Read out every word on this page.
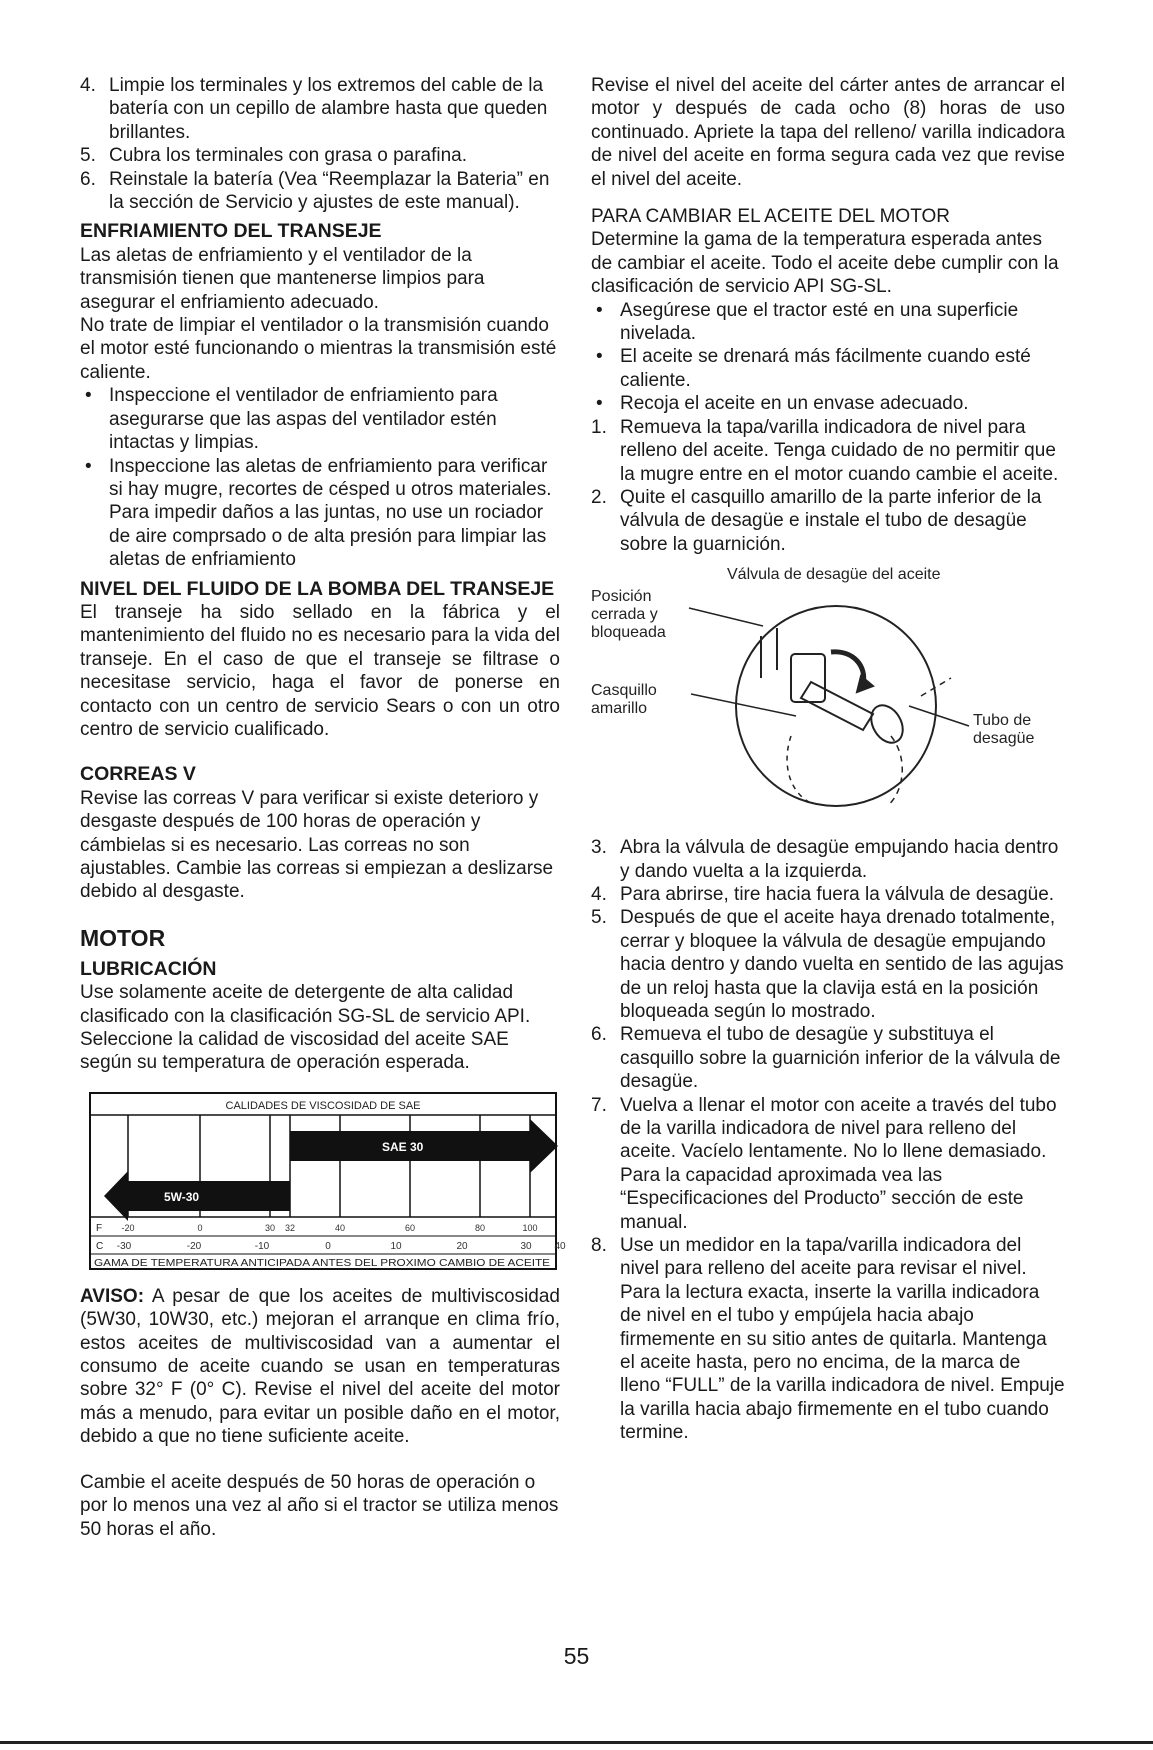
4. Limpie los terminales y los extremos del cable de la batería con un cepillo de alambre hasta que queden brillantes.
5. Cubra los terminales con grasa o parafina.
6. Reinstale la batería (Vea “Reemplazar la Bateria” en la sección de Servicio y ajustes de este manual).

ENFRIAMIENTO DEL TRANSEJE

Las aletas de enfriamiento y el ventilador de la transmisión tienen que mantenerse limpios para asegurar el enfriamiento adecuado.

No trate de limpiar el ventilador o la transmisión cuando el motor esté funcionando o mientras la transmisión esté caliente.

• Inspeccione el ventilador de enfriamiento para asegurarse que las aspas del ventilador estén intactas y limpias.
• Inspeccione las aletas de enfriamiento para verificar si hay mugre, recortes de césped u otros materiales. Para impedir daños a las juntas, no use un rociador de aire comprsado o de alta presión para limpiar las aletas de enfriamiento

NIVEL DEL FLUIDO DE LA BOMBA DEL TRANSEJE

El transeje ha sido sellado en la fábrica y el mantenimiento del fluido no es necesario para la vida del transeje. En el caso de que el transeje se filtrase o necesitase servicio, haga el favor de ponerse en contacto con un centro de servicio Sears o con un otro centro de servicio cualificado.

CORREAS V

Revise las correas V para verificar si existe deterioro y desgaste después de 100 horas de operación y cámbielas si es necesario. Las correas no son ajustables. Cambie las correas si empiezan a deslizarse debido al desgaste.

MOTOR

LUBRICACIÓN

Use solamente aceite de detergente de alta calidad clasificado con la clasificación SG-SL de servicio API. Seleccione la calidad de viscosidad del aceite SAE según su temperatura de operación esperada.

CALIDADES DE VISCOSIDAD DE SAE
SAE 30
5W-30
F -20	0	30 32	40	60	80	100
C -30	-20	-10	0	10	20	30 40
GAMA DE TEMPERATURA ANTICIPADA ANTES DEL PROXIMO CAMBIO DE ACEITE

AVISO: A pesar de que los aceites de multiviscosidad (5W30, 10W30, etc.) mejoran el arranque en clima frío, estos aceites de multiviscosidad van a aumentar el consumo de aceite cuando se usan en temperaturas sobre 32° F (0° C). Revise el nivel del aceite del motor más a menudo, para evitar un posible daño en el motor, debido a que no tiene suficiente aceite.

Cambie el aceite después de 50 horas de operación o por lo menos una vez al año si el tractor se utiliza menos 50 horas el año.

Revise el nivel del aceite del cárter antes de arrancar el motor y después de cada ocho (8) horas de uso continuado. Apriete la tapa del relleno/ varilla indicadora de nivel del aceite en forma segura cada vez que revise el nivel del aceite.

PARA CAMBIAR EL ACEITE DEL MOTOR

Determine la gama de la temperatura esperada antes de cambiar el aceite. Todo el aceite debe cumplir con la clasificación de servicio API SG-SL.

• Asegúrese que el tractor esté en una superficie nivelada.
• El aceite se drenará más fácilmente cuando esté caliente.
• Recoja el aceite en un envase adecuado.
1. Remueva la tapa/varilla indicadora de nivel para relleno del aceite. Tenga cuidado de no permitir que la mugre entre en el motor cuando cambie el aceite.
2. Quite el casquillo amarillo de la parte inferior de la válvula de desagüe e instale el tubo de desagüe sobre la guarnición.
Válvula de desagüe del aceite
Posición cerrada y bloqueada
Casquillo amarillo
Tubo de desagüe
3. Abra la válvula de desagüe empujando hacia dentro y dando vuelta a la izquierda.
4. Para abrirse, tire hacia fuera la válvula de desagüe.
5. Después de que el aceite haya drenado totalmente, cerrar y bloquee la válvula de desagüe empujando hacia dentro y dando vuelta en sentido de las agujas de un reloj hasta que la clavija está en la posición bloqueada según lo mostrado.
6. Remueva el tubo de desagüe y substituya el casquillo sobre la guarnición inferior de la válvula de desagüe.
7. Vuelva a llenar el motor con aceite a través del tubo de la varilla indicadora de nivel para relleno del aceite. Vacíelo lentamente. No lo llene demasiado. Para la capacidad aproximada vea las “Especificaciones del Producto” sección de este manual.
8. Use un medidor en la tapa/varilla indicadora del nivel para relleno del aceite para revisar el nivel. Para la lectura exacta, inserte la varilla indicadora de nivel en el tubo y empújela hacia abajo firmemente en su sitio antes de quitarla. Mantenga el aceite hasta, pero no encima, de la marca de lleno “FULL” de la varilla indicadora de nivel. Empuje la varilla hacia abajo firmemente en el tubo cuando termine.
55
